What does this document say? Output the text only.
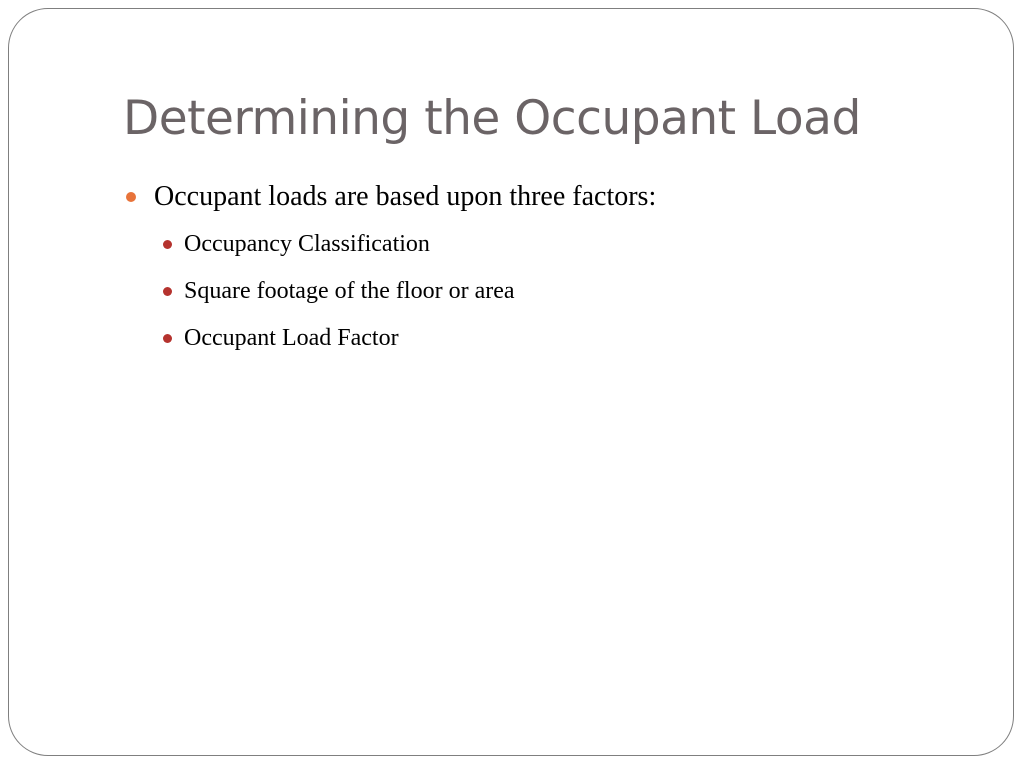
Determining the Occupant Load
Occupant loads are based upon three factors:
Occupancy Classification
Square footage of the floor or area
Occupant Load Factor
